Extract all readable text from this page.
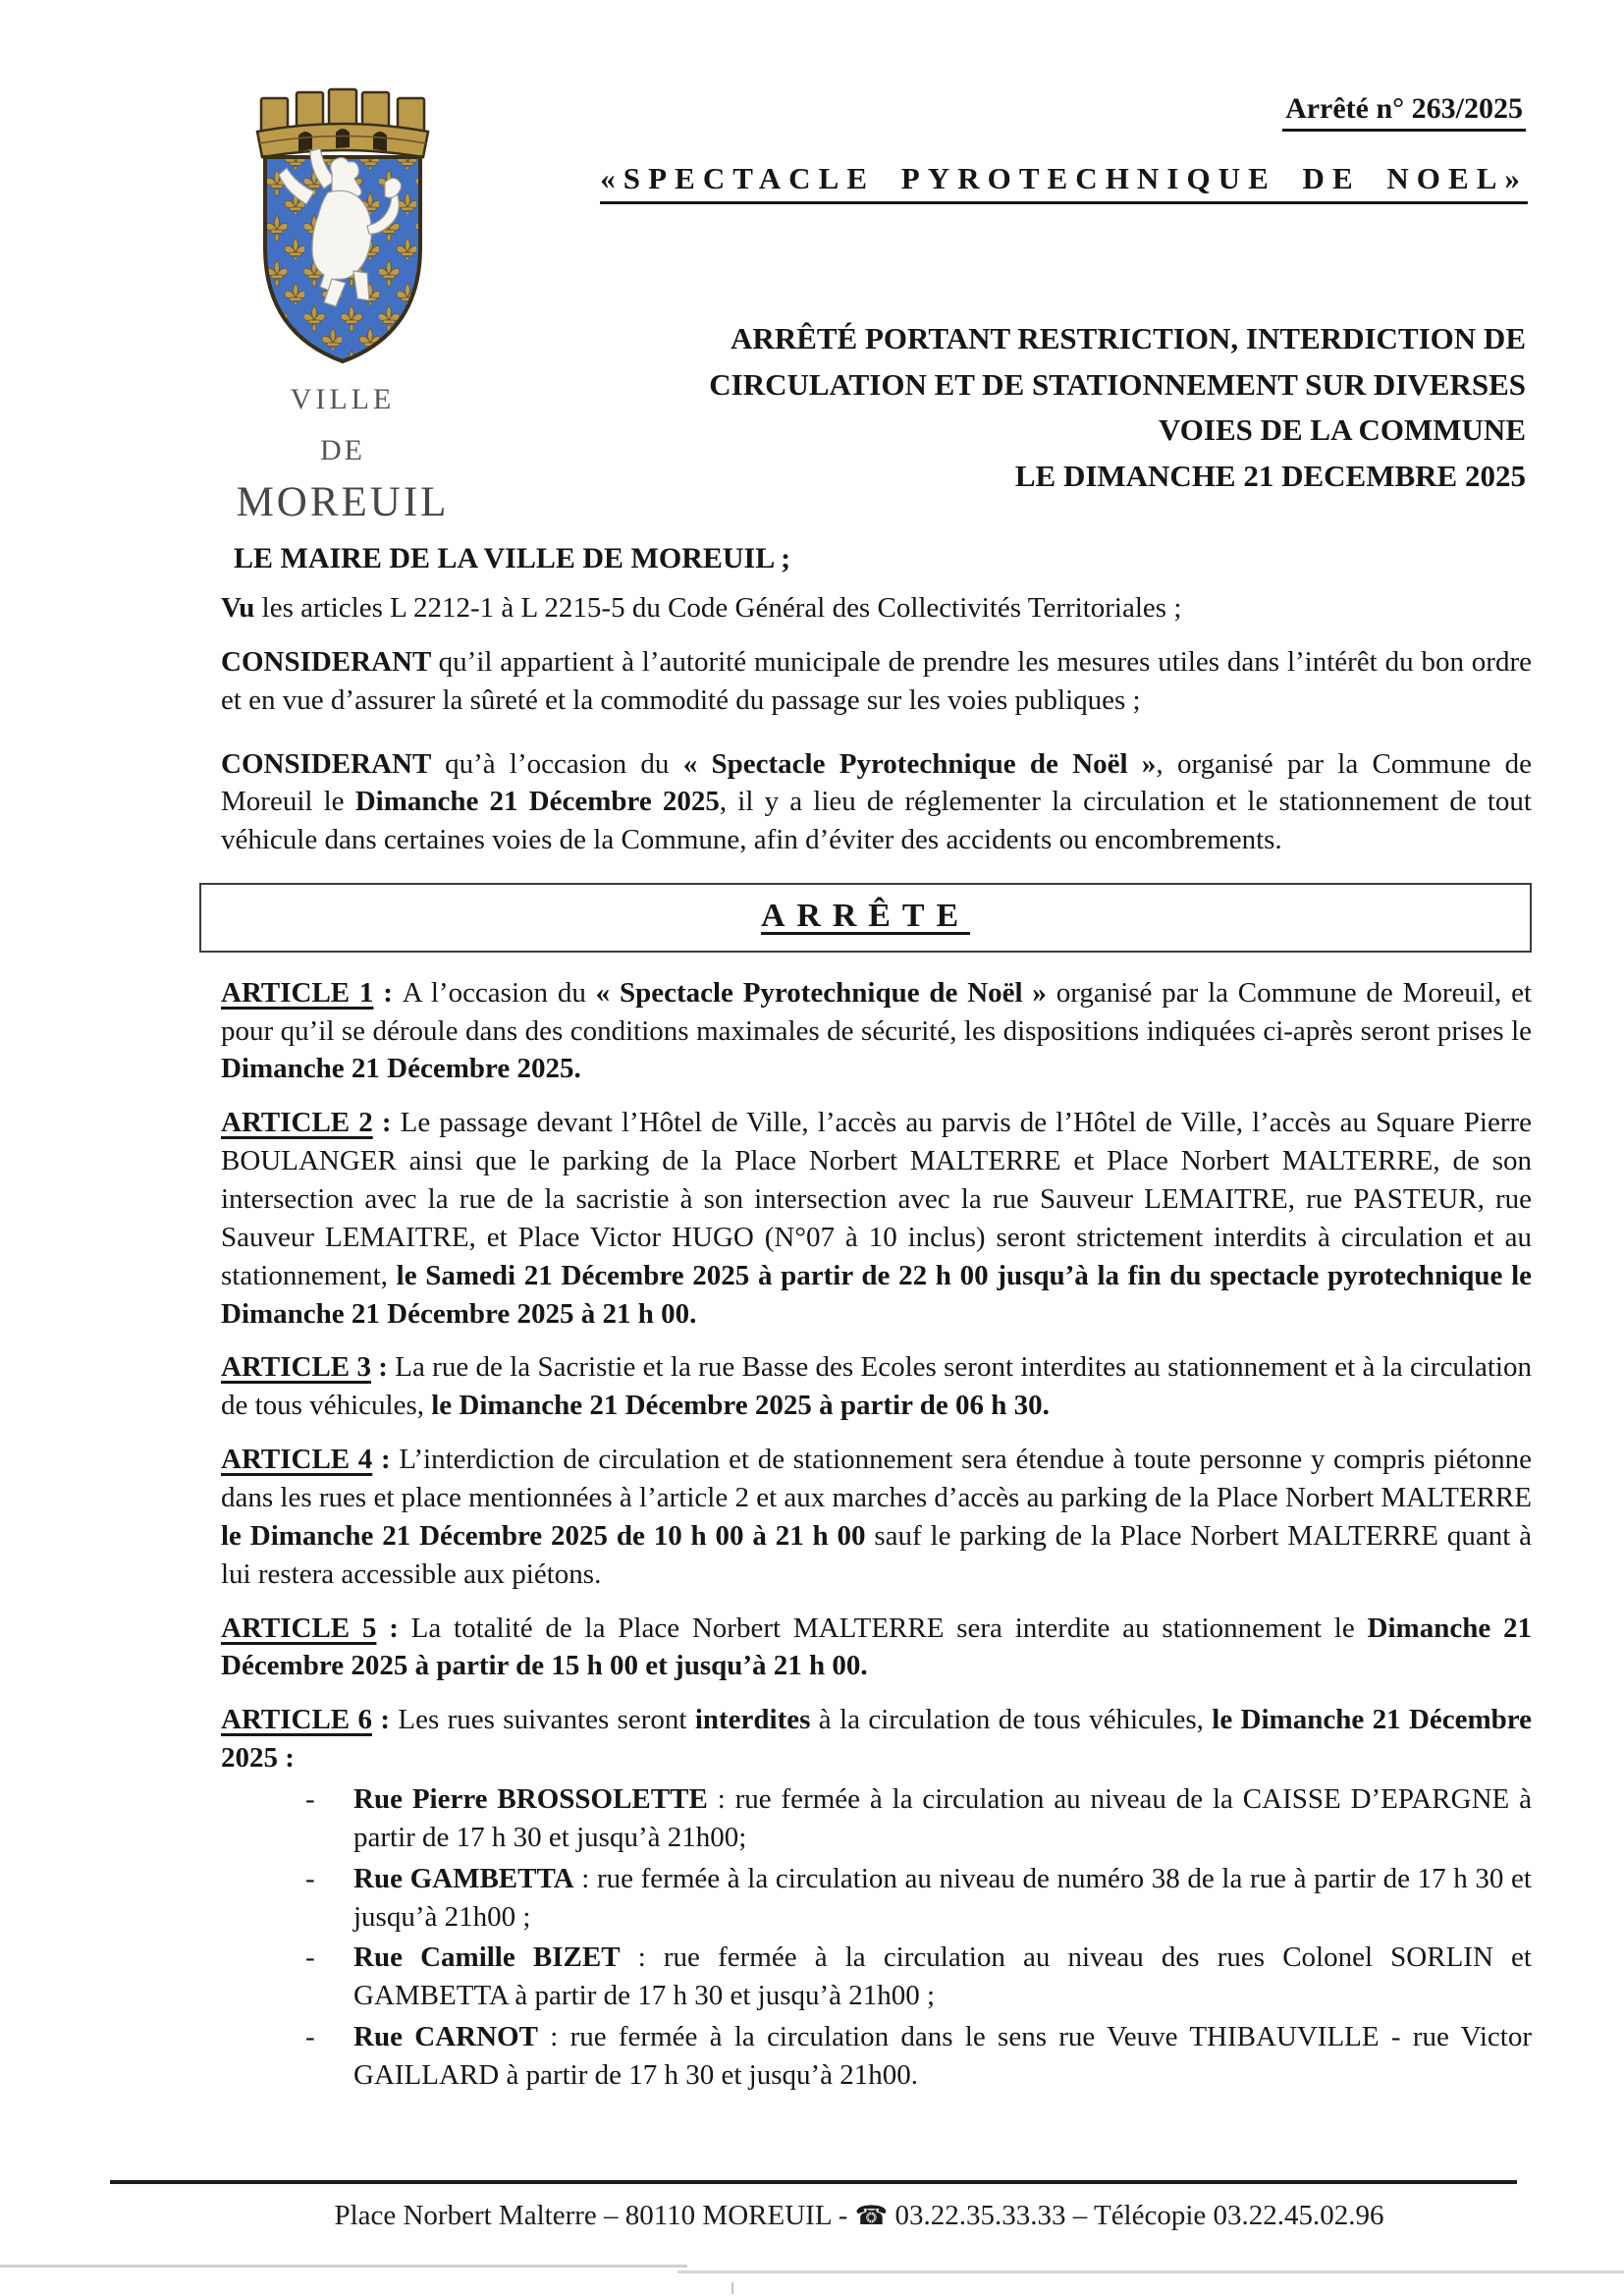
VILLE
DE
MOREUIL
Arrêté n° 263/2025
«SPECTACLE PYROTECHNIQUE DE NOEL»
ARRÊTÉ PORTANT RESTRICTION, INTERDICTION DE
CIRCULATION ET DE STATIONNEMENT SUR DIVERSES
VOIES DE LA COMMUNE
LE DIMANCHE 21 DECEMBRE 2025
LE MAIRE DE LA VILLE DE MOREUIL ;

Vu les articles L 2212-1 à L 2215-5 du Code Général des Collectivités Territoriales ;

CONSIDERANT qu’il appartient à l’autorité municipale de prendre les mesures utiles dans l’intérêt du bon ordre et en vue d’assurer la sûreté et la commodité du passage sur les voies publiques ;

CONSIDERANT qu’à l’occasion du « Spectacle Pyrotechnique de Noël », organisé par la Commune de Moreuil le Dimanche 21 Décembre 2025, il y a lieu de réglementer la circulation et le stationnement de tout véhicule dans certaines voies de la Commune, afin d’éviter des accidents ou encombrements.

ARRÊTE

ARTICLE 1 : A l’occasion du « Spectacle Pyrotechnique de Noël » organisé par la Commune de Moreuil, et pour qu’il se déroule dans des conditions maximales de sécurité, les dispositions indiquées ci-après seront prises le Dimanche 21 Décembre 2025.

ARTICLE 2 : Le passage devant l’Hôtel de Ville, l’accès au parvis de l’Hôtel de Ville, l’accès au Square Pierre BOULANGER ainsi que le parking de la Place Norbert MALTERRE et Place Norbert MALTERRE, de son intersection avec la rue de la sacristie à son intersection avec la rue Sauveur LEMAITRE, rue PASTEUR, rue Sauveur LEMAITRE, et Place Victor HUGO (N°07 à 10 inclus) seront strictement interdits à circulation et au stationnement, le Samedi 21 Décembre 2025 à partir de 22 h 00 jusqu’à la fin du spectacle pyrotechnique le Dimanche 21 Décembre 2025 à 21 h 00.

ARTICLE 3 : La rue de la Sacristie et la rue Basse des Ecoles seront interdites au stationnement et à la circulation de tous véhicules, le Dimanche 21 Décembre 2025 à partir de 06 h 30.

ARTICLE 4 : L’interdiction de circulation et de stationnement sera étendue à toute personne y compris piétonne dans les rues et place mentionnées à l’article 2 et aux marches d’accès au parking de la Place Norbert MALTERRE le Dimanche 21 Décembre 2025 de 10 h 00 à 21 h 00 sauf le parking de la Place Norbert MALTERRE quant à lui restera accessible aux piétons.

ARTICLE 5 : La totalité de la Place Norbert MALTERRE sera interdite au stationnement le Dimanche 21 Décembre 2025 à partir de 15 h 00 et jusqu’à 21 h 00.

ARTICLE 6 : Les rues suivantes seront interdites à la circulation de tous véhicules, le Dimanche 21 Décembre 2025 :

-	Rue Pierre BROSSOLETTE : rue fermée à la circulation au niveau de la CAISSE D’EPARGNE à partir de 17 h 30 et jusqu’à 21h00;
-	Rue GAMBETTA : rue fermée à la circulation au niveau de numéro 38 de la rue à partir de 17 h 30 et jusqu’à 21h00 ;
-	Rue Camille BIZET : rue fermée à la circulation au niveau des rues Colonel SORLIN et GAMBETTA à partir de 17 h 30 et jusqu’à 21h00 ;
-	Rue CARNOT : rue fermée à la circulation dans le sens rue Veuve THIBAUVILLE - rue Victor GAILLARD à partir de 17 h 30 et jusqu’à 21h00.
Place Norbert Malterre – 80110 MOREUIL - ☎ 03.22.35.33.33 – Télécopie 03.22.45.02.96
